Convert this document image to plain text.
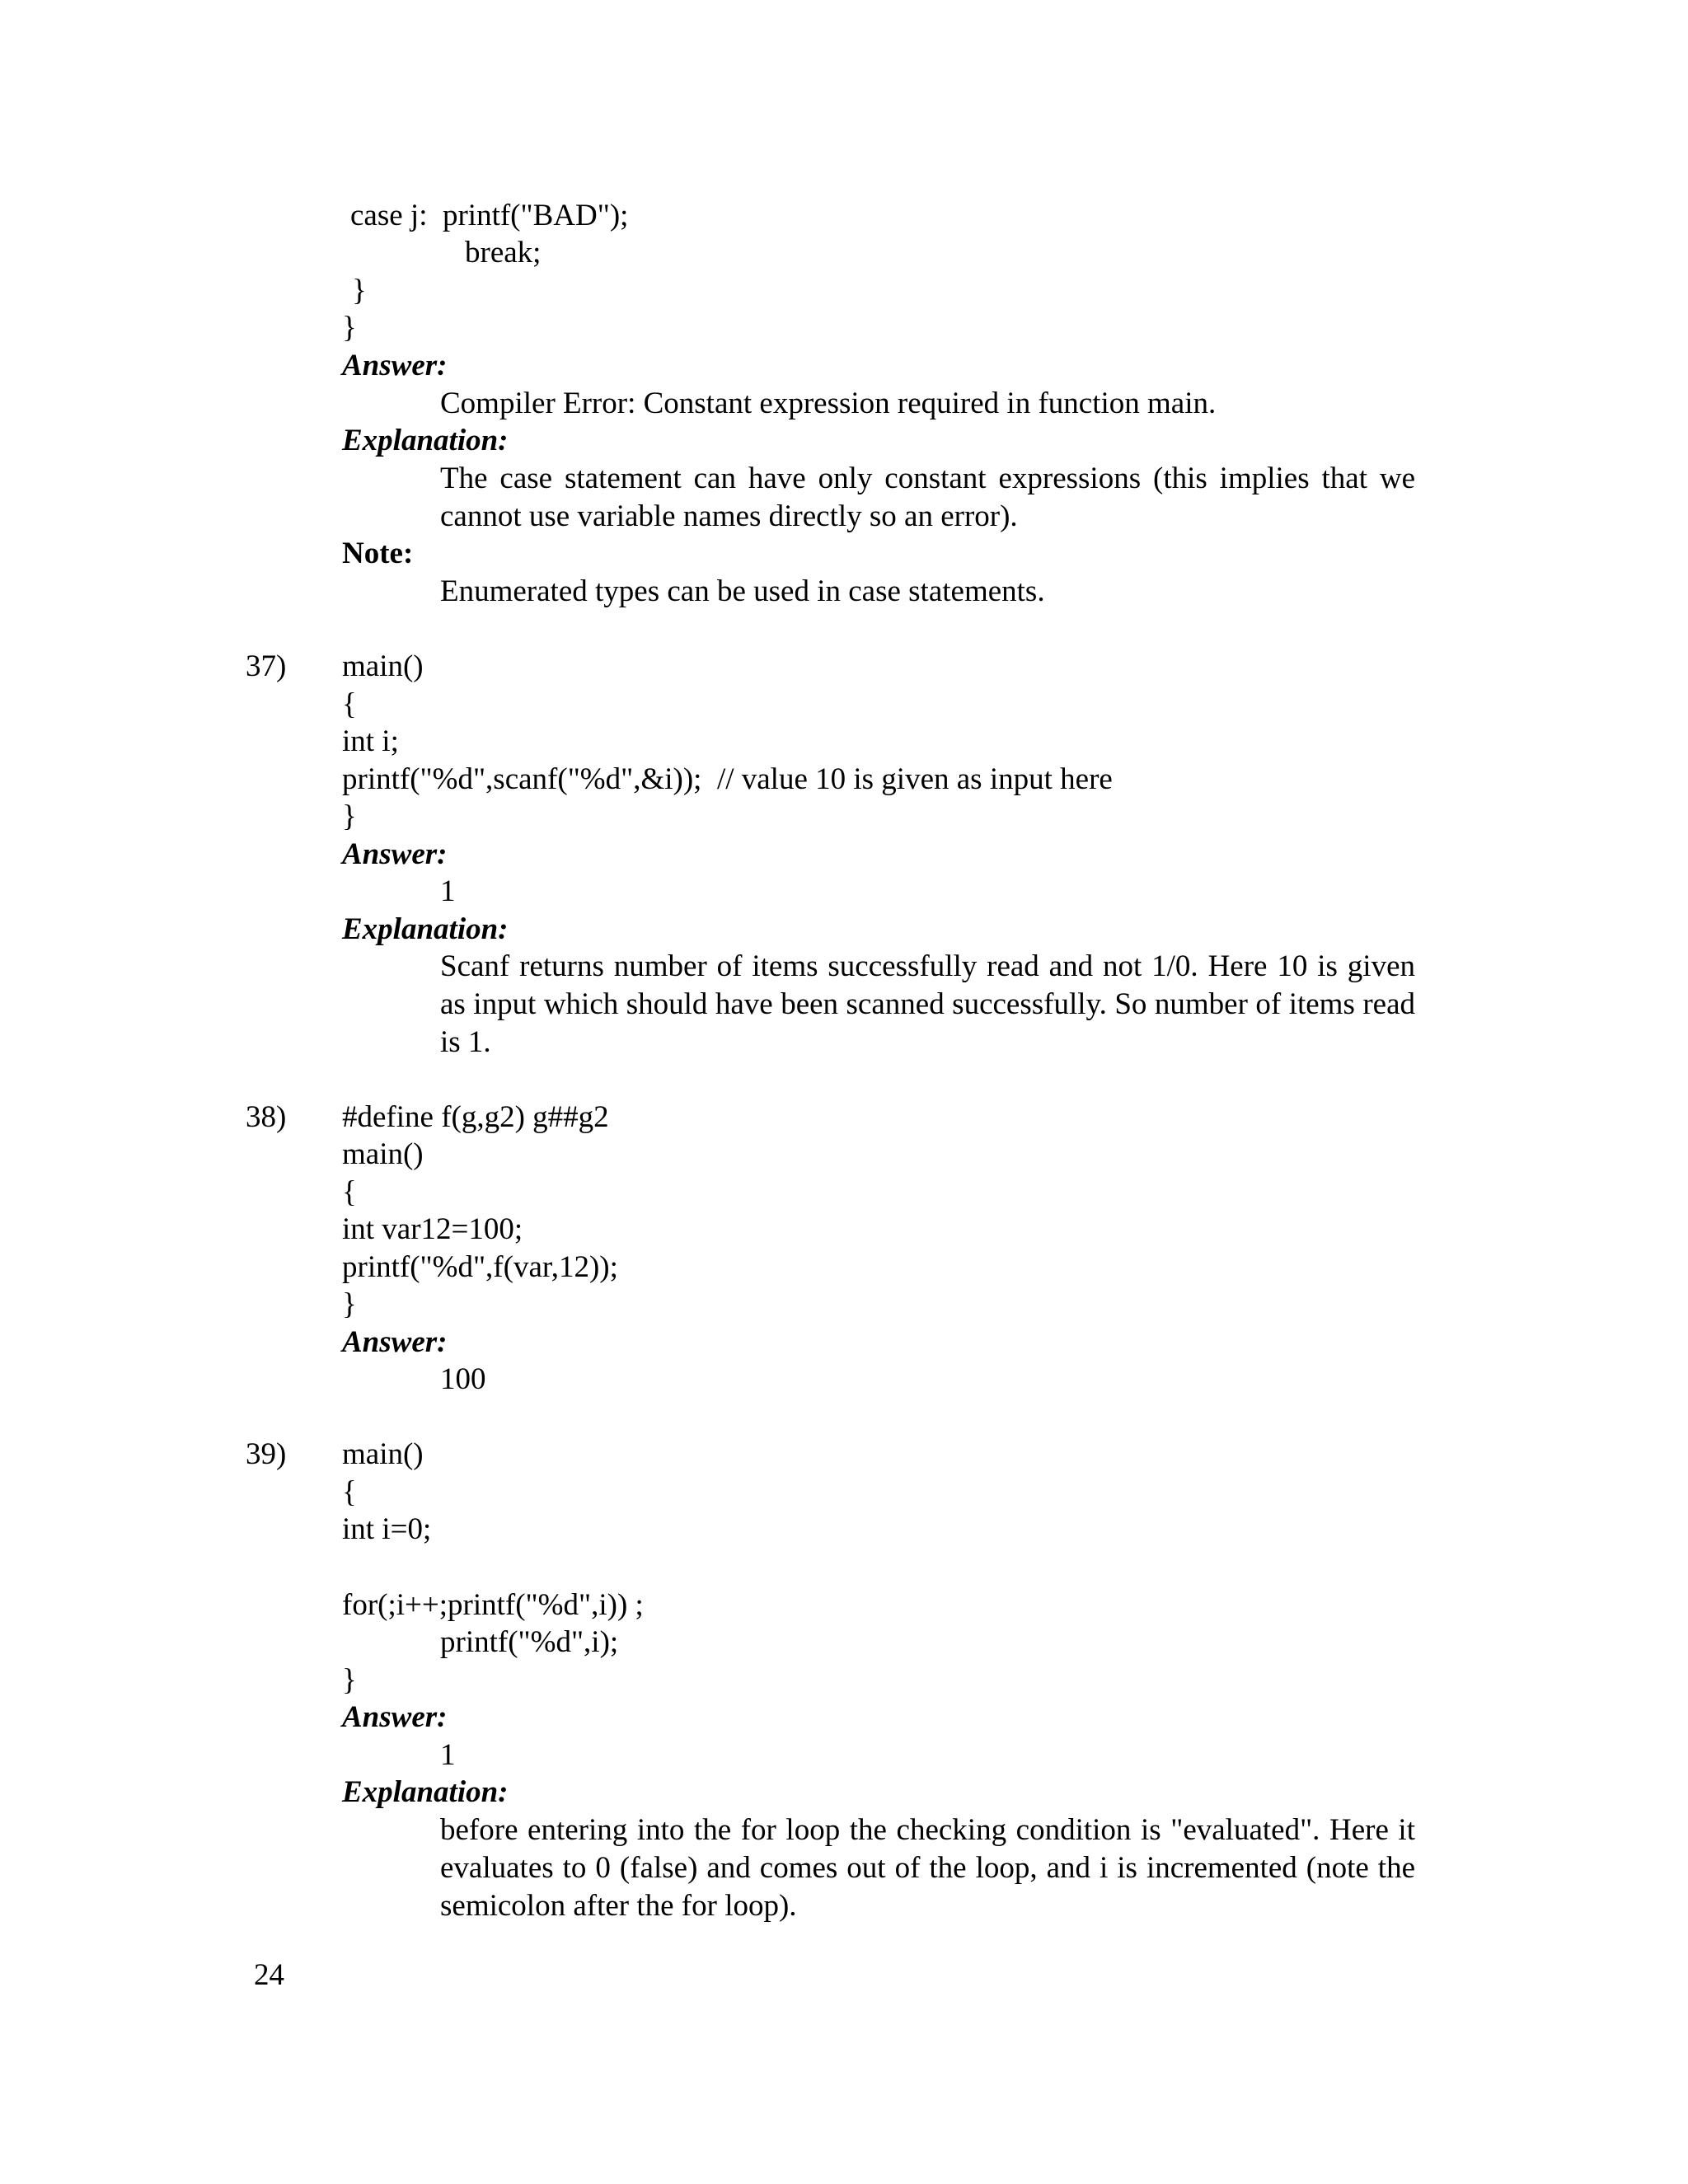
case j:  printf("BAD");

break;

}

}

Answer:

Compiler Error: Constant expression required in function main.

Explanation:

The case statement can have only constant expressions (this implies that we cannot use variable names directly so an error).

Note:

Enumerated types can be used in case statements.

37) main()

{

int i;

printf("%d",scanf("%d",&i));  // value 10 is given as input here

}

Answer:

1

Explanation:

Scanf returns number of items successfully read and not 1/0. Here 10 is given as input which should have been scanned successfully. So number of items read is 1.

38) #define f(g,g2) g##g2

main()

{

int var12=100;

printf("%d",f(var,12));

}

Answer:

100

39) main()

{

int i=0;

for(;i++;printf("%d",i)) ;

printf("%d",i);

}

Answer:

1

Explanation:

before entering into the for loop the checking condition is "evaluated". Here it evaluates to 0 (false) and comes out of the loop, and i is incremented (note the semicolon after the for loop).

24
